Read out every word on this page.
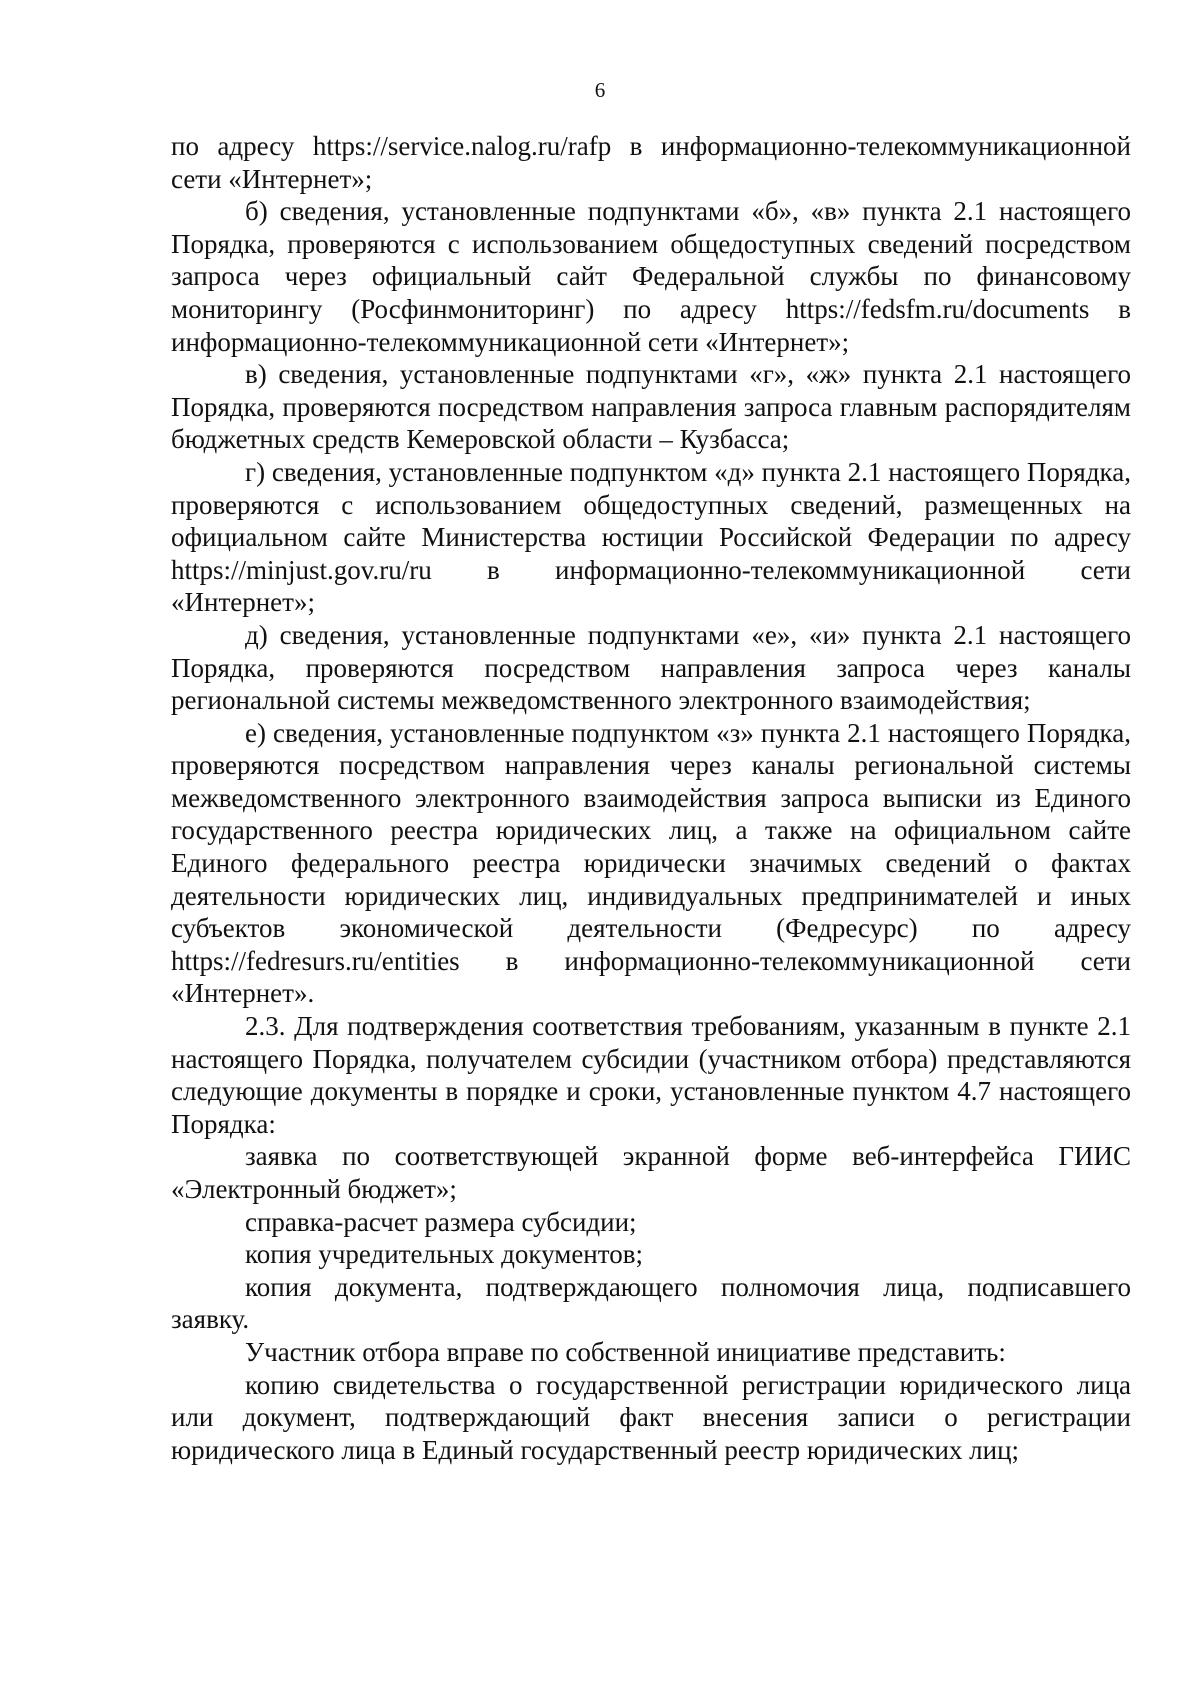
6

по адресу https://service.nalog.ru/rafp в информационно-телекоммуникационной сети «Интернет»;

б) сведения, установленные подпунктами «б», «в» пункта 2.1 настоящего Порядка, проверяются с использованием общедоступных сведений посредством запроса через официальный сайт Федеральной службы по финансовому мониторингу (Росфинмониторинг) по адресу https://fedsfm.ru/documents в информационно-телекоммуникационной сети «Интернет»;

в) сведения, установленные подпунктами «г», «ж» пункта 2.1 настоящего Порядка, проверяются посредством направления запроса главным распорядителям бюджетных средств Кемеровской области – Кузбасса;

г) сведения, установленные подпунктом «д» пункта 2.1 настоящего Порядка, проверяются с использованием общедоступных сведений, размещенных на официальном сайте Министерства юстиции Российской Федерации по адресу https://minjust.gov.ru/ru в информационно-телекоммуникационной сети «Интернет»;

д) сведения, установленные подпунктами «е», «и» пункта 2.1 настоящего Порядка, проверяются посредством направления запроса через каналы региональной системы межведомственного электронного взаимодействия;

е) сведения, установленные подпунктом «з» пункта 2.1 настоящего Порядка, проверяются посредством направления через каналы региональной системы межведомственного электронного взаимодействия запроса выписки из Единого государственного реестра юридических лиц, а также на официальном сайте Единого федерального реестра юридически значимых сведений о фактах деятельности юридических лиц, индивидуальных предпринимателей и иных субъектов экономической деятельности (Федресурс) по адресу https://fedresurs.ru/entities в информационно-телекоммуникационной сети «Интернет».

2.3. Для подтверждения соответствия требованиям, указанным в пункте 2.1 настоящего Порядка, получателем субсидии (участником отбора) представляются следующие документы в порядке и сроки, установленные пунктом 4.7 настоящего Порядка:

заявка по соответствующей экранной форме веб-интерфейса ГИИС «Электронный бюджет»;

справка-расчет размера субсидии;

копия учредительных документов;

копия документа, подтверждающего полномочия лица, подписавшего заявку.

Участник отбора вправе по собственной инициативе представить:

копию свидетельства о государственной регистрации юридического лица или документ, подтверждающий факт внесения записи о регистрации юридического лица в Единый государственный реестр юридических лиц;
